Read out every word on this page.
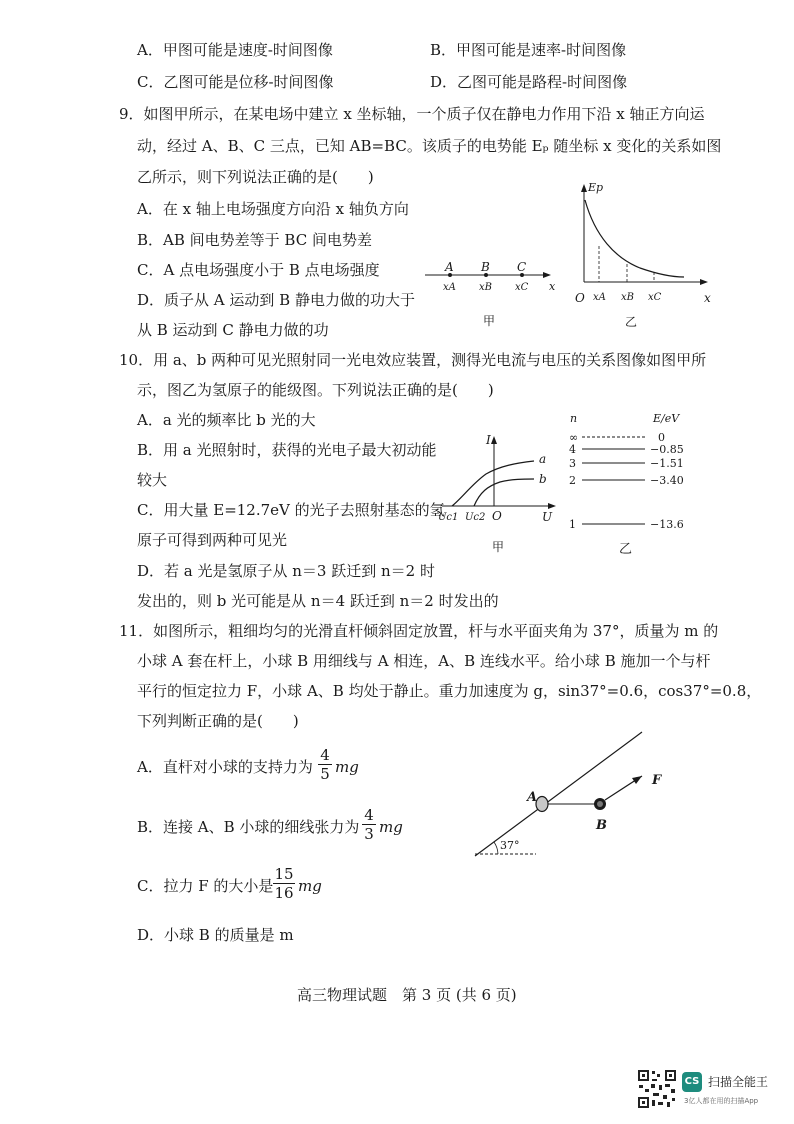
A．甲图可能是速度-时间图像	B．甲图可能是速率-时间图像
C．乙图可能是位移-时间图像	D．乙图可能是路程-时间图像
9．如图甲所示，在某电场中建立 x 坐标轴，一个质子仅在静电力作用下沿 x 轴正方向运
动，经过 A、B、C 三点，已知 AB=BC。该质子的电势能 Eₚ 随坐标 x 变化的关系如图
乙所示，则下列说法正确的是(　　)
A．在 x 轴上电场强度方向沿 x 轴负方向
B．AB 间电势差等于 BC 间电势差
C．A 点电场强度小于 B 点电场强度
D．质子从 A 运动到 B 静电力做的功大于
从 B 运动到 C 静电力做的功
A B C
xA xB xC x
甲
Ep
O xA xB xC	x
乙
10．用 a、b 两种可见光照射同一光电效应装置，测得光电流与电压的关系图像如图甲所
示，图乙为氢原子的能级图。下列说法正确的是(　　)
A．a 光的频率比 b 光的大
B．用 a 光照射时，获得的光电子最大初动能
较大
C．用大量 E=12.7eV 的光子去照射基态的氢
原子可得到两种可见光
D．若 a 光是氢原子从 n＝3 跃迁到 n＝2 时
发出的，则 b 光可能是从 n＝4 跃迁到 n＝2 时发出的
I
a
b
Uc1 Uc2 O	U
甲
n	E/eV
∞	0
4	−0.85
3	−1.51
2	−3.40
1	−13.6
乙
11．如图所示，粗细均匀的光滑直杆倾斜固定放置，杆与水平面夹角为 37°，质量为 m 的
小球 A 套在杆上，小球 B 用细线与 A 相连，A、B 连线水平。给小球 B 施加一个与杆
平行的恒定拉力 F，小球 A、B 均处于静止。重力加速度为 g，sin37°=0.6，cos37°=0.8，
下列判断正确的是(　　)
A．直杆对小球的支持力为
4
5 mg
B．连接 A、B 小球的细线张力为
4
3 mg
C．拉力 F 的大小是
15
16 mg
D．小球 B 的质量是 m
37°
A
B
F
高三物理试题　第 3 页 (共 6 页)
CS 扫描全能王
3亿人都在用的扫描App
